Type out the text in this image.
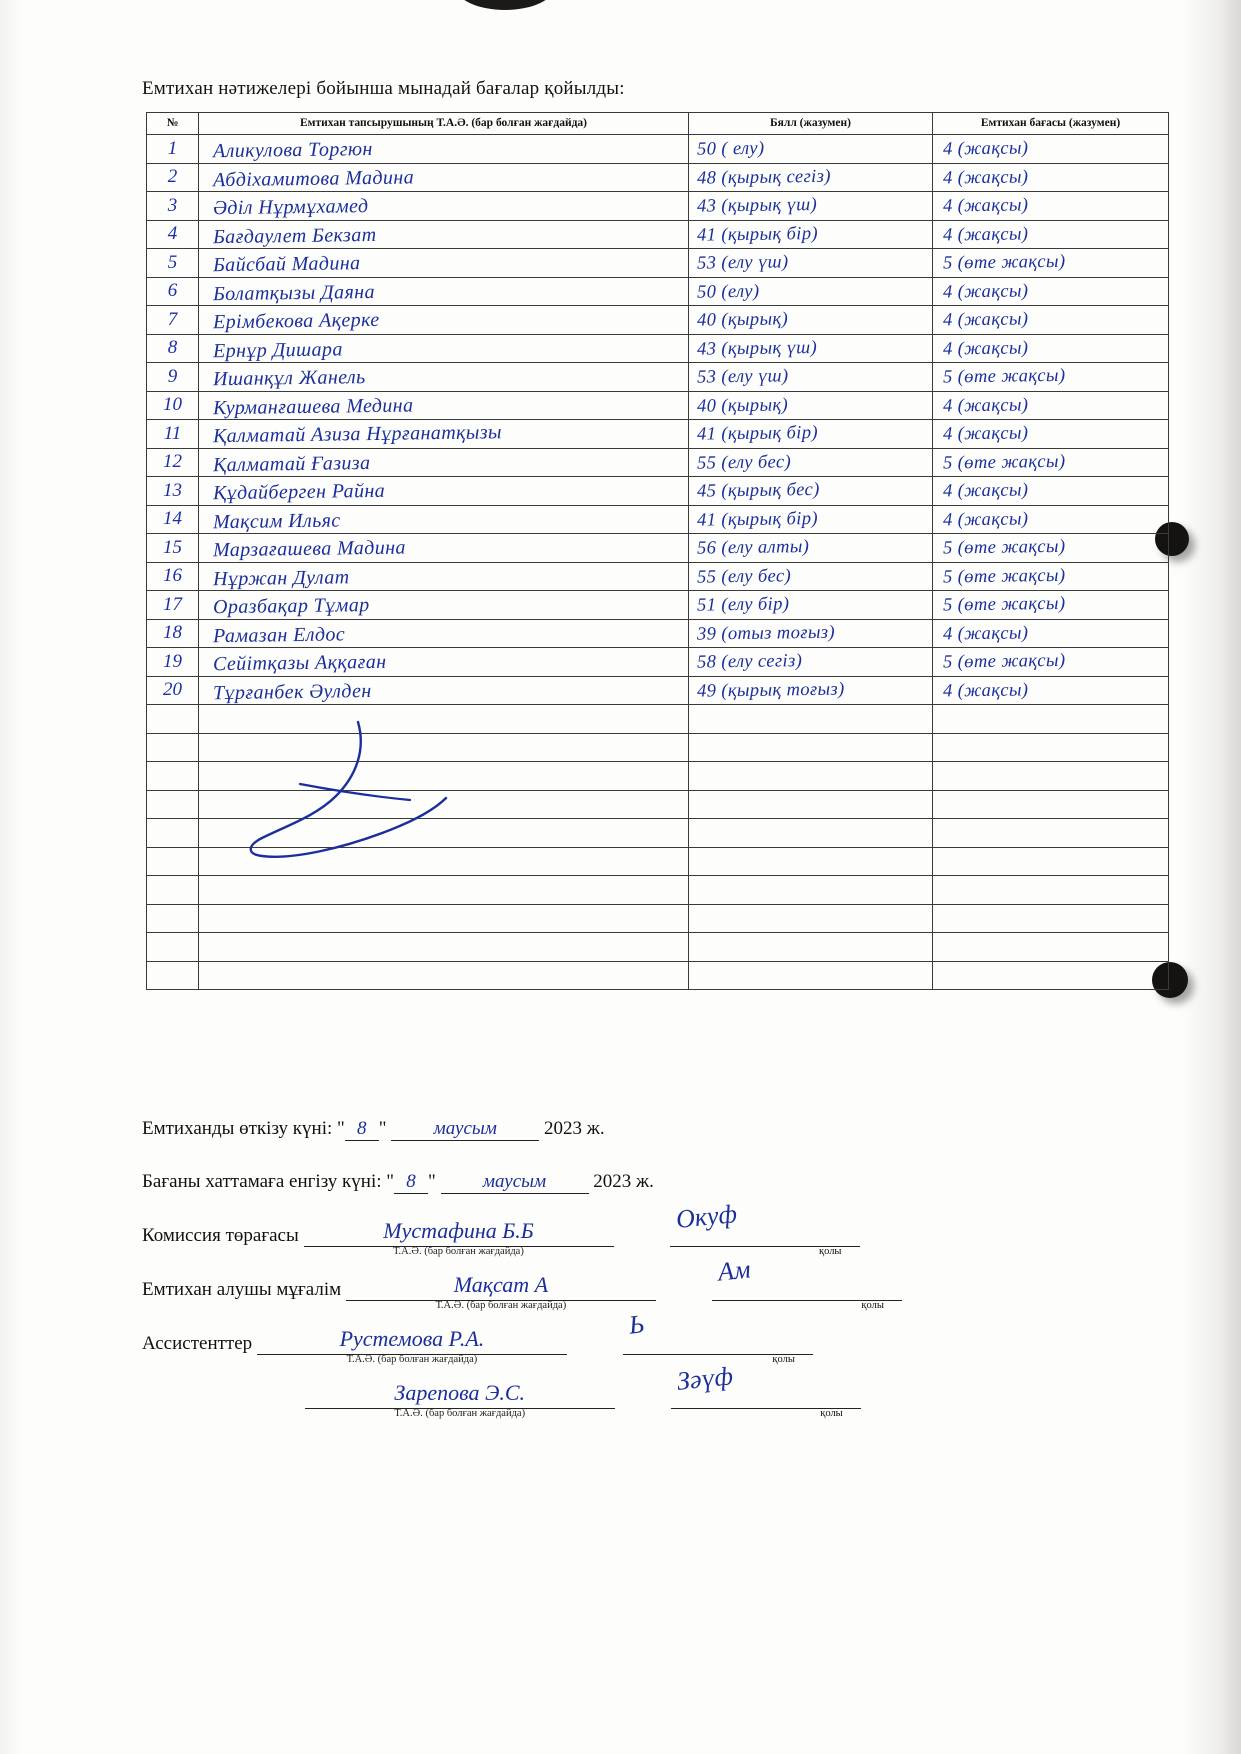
Емтихан нәтижелері бойынша мынадай бағалар қойылды:
№	Емтихан тапсырушының Т.А.Ә. (бар болған жағдайда)	Бялл (жазумен)	Емтихан бағасы (жазумен)
1	Аликулова Торгюн	50 ( елу)	4 (жақсы)

2	Абдіхамитова Мадина	48 (қырық сегіз)	4 (жақсы)

3	Әділ Нұрмұхамед	43 (қырық үш)	4 (жақсы)

4	Бағдаулет Бекзат	41 (қырық бір)	4 (жақсы)

5	Байсбай Мадина	53 (елу үш)	5 (өте жақсы)

6	Болатқызы Даяна	50 (елу)	4 (жақсы)

7	Ерімбекова Ақерке	40 (қырық)	4 (жақсы)

8	Ернұр Дишара	43 (қырық үш)	4 (жақсы)

9	Ишанқұл Жанель	53 (елу үш)	5 (өте жақсы)

10	Курманғашева Медина	40 (қырық)	4 (жақсы)

11	Қалматай Азиза Нұрғанатқызы	41 (қырық бір)	4 (жақсы)

12	Қалматай Ғазиза	55 (елу бес)	5 (өте жақсы)

13	Құдайберген Райна	45 (қырық бес)	4 (жақсы)

14	Мақсим Ильяс	41 (қырық бір)	4 (жақсы)

15	Марзағашева Мадина	56 (елу алты)	5 (өте жақсы)

16	Нұржан Дулат	55 (елу бес)	5 (өте жақсы)

17	Оразбақар Тұмар	51 (елу бір)	5 (өте жақсы)

18	Рамазан Елдос	39 (отыз тоғыз)	4 (жақсы)

19	Сейітқазы Аққаған	58 (елу сегіз)	5 (өте жақсы)

20	Тұрғанбек Әулден	49 (қырық тоғыз)	4 (жақсы)

Емтиханды өткізу күні: " 8 " маусым 2023 ж.
Бағаны хаттамаға енгізу күні: " 8 " маусым 2023 ж.
Комиссия төрағасы	Мустафина Б.Б
Т.А.Ә. (бар болған жағдайда)
Окуф
қолы
Емтихан алушы мұғалім	Мақсат А
Т.А.Ә. (бар болған жағдайда)
Ам
қолы
Ассистенттер	Рустемова Р.А.
Т.А.Ә. (бар болған жағдайда)
Ь
қолы

Зарепова Э.С.
Т.А.Ә. (бар болған жағдайда)
Зәүф
қолы
